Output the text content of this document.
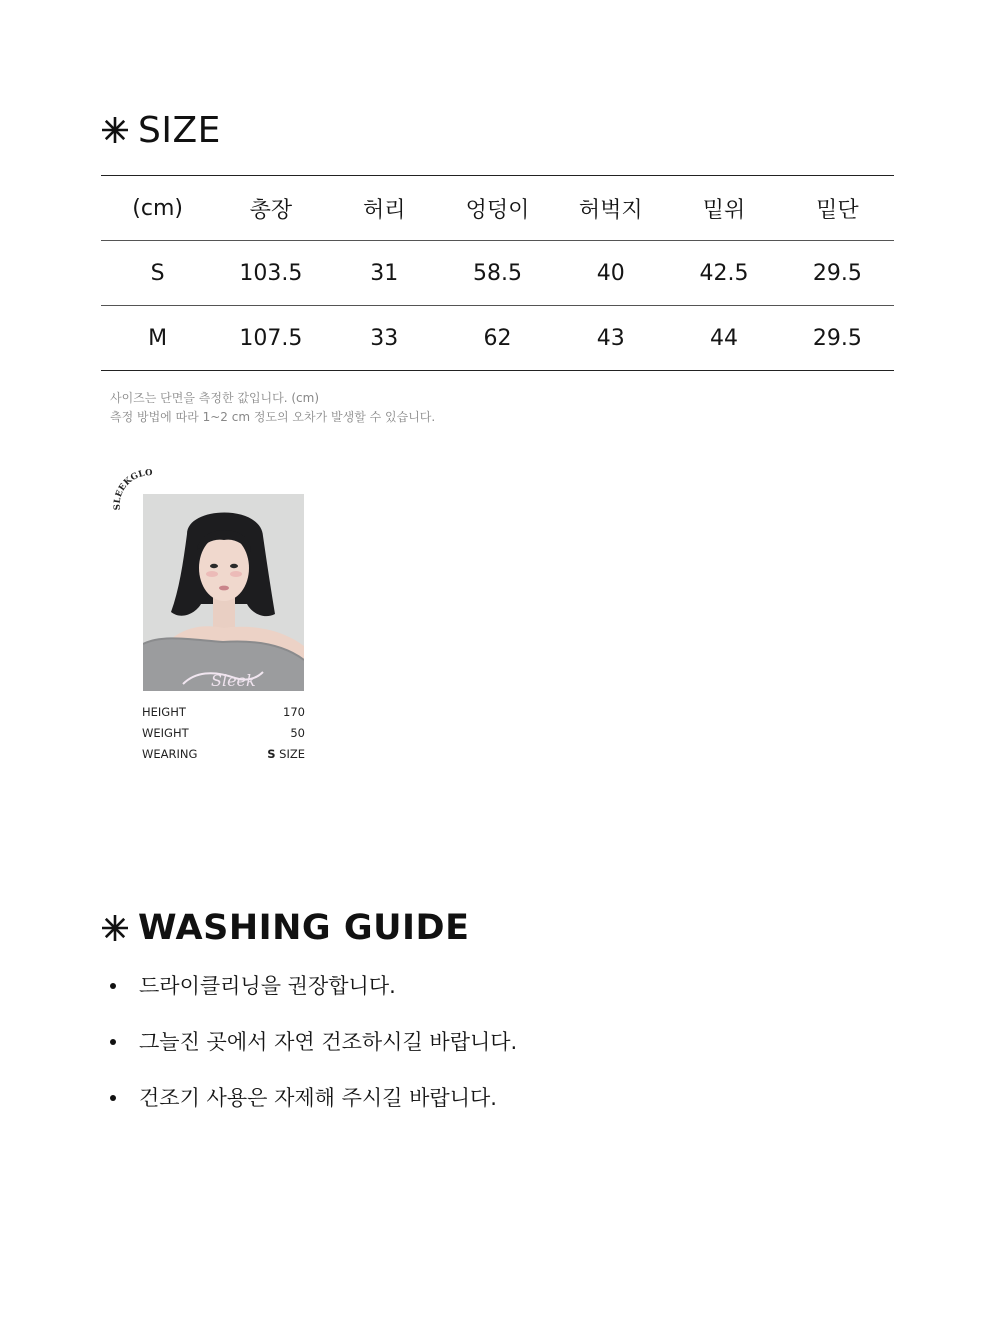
SIZE
(cm)	총장	허리	엉덩이	허벅지	밑위	밑단
S	103.5	31	58.5	40	42.5	29.5
M	107.5	33	62	43	44	29.5
사이즈는 단면을 측정한 값입니다. (cm)
측정 방법에 따라 1~2 cm 정도의 오차가 발생할 수 있습니다.
SLEEKGLO
Sleek
HEIGHT	170
WEIGHT	50
WEARING	S SIZE
WASHING GUIDE
드라이클리닝을 권장합니다.
그늘진 곳에서 자연 건조하시길 바랍니다.
건조기 사용은 자제해 주시길 바랍니다.
